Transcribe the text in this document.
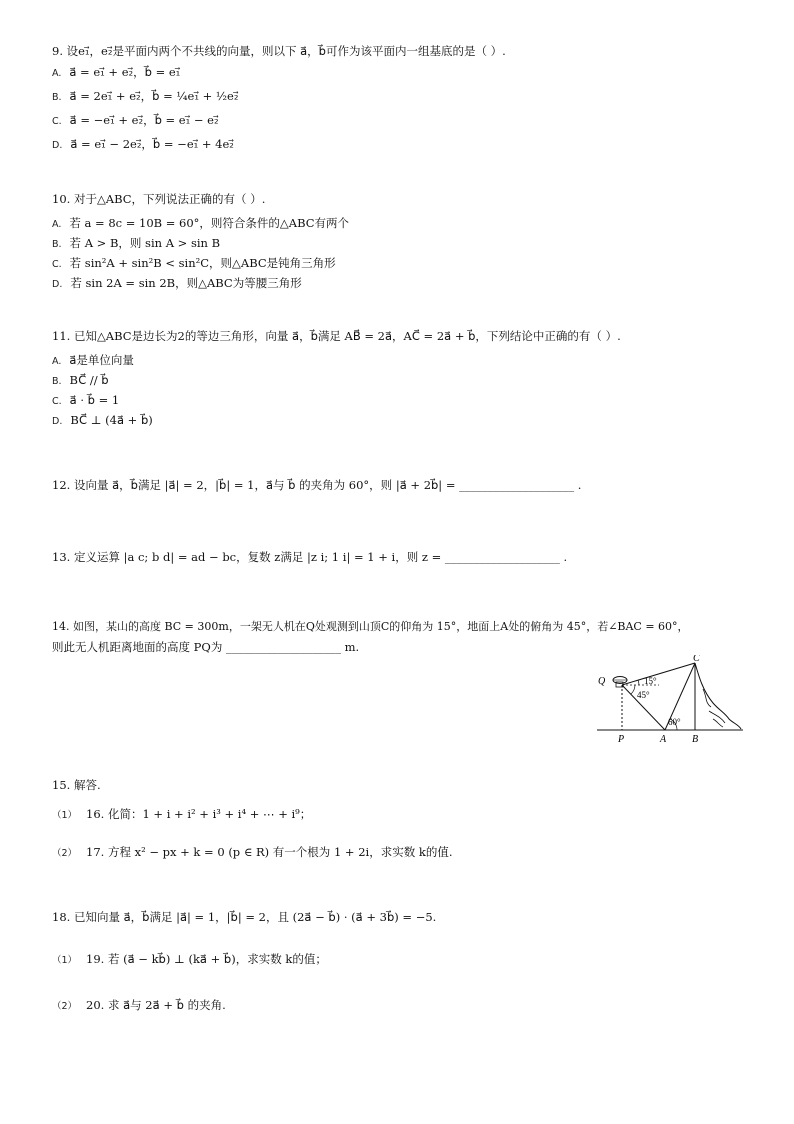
9. 设e₁⃗，e₂⃗是平面内两个不共线的向量，则以下 a⃗，b⃗可作为该平面内一组基底的是（ ）.
A. a⃗ = e₁⃗ + e₂⃗，b⃗ = e₁⃗
B. a⃗ = 2e₁⃗ + e₂⃗，b⃗ = ¼e₁⃗ + ½e₂⃗
C. a⃗ = −e₁⃗ + e₂⃗，b⃗ = e₁⃗ − e₂⃗
D. a⃗ = e₁⃗ − 2e₂⃗，b⃗ = −e₁⃗ + 4e₂⃗
10. 对于△ABC，下列说法正确的有（ ）.
A. 若 a = 8c = 10B = 60°，则符合条件的△ABC有两个
B. 若 A > B，则 sin A > sin B
C. 若 sin²A + sin²B < sin²C，则△ABC是钝角三角形
D. 若 sin 2A = sin 2B，则△ABC为等腰三角形
11. 已知△ABC是边长为2的等边三角形，向量 a⃗，b⃗满足 AB⃗ = 2a⃗，AC⃗ = 2a⃗ + b⃗，下列结论中正确的有（ ）.
A. a⃗是单位向量
B. BC⃗ // b⃗
C. a⃗ · b⃗ = 1
D. BC⃗ ⊥ (4a⃗ + b⃗)
12. 设向量 a⃗，b⃗满足 |a⃗| = 2，|b⃗| = 1，a⃗与 b⃗ 的夹角为 60°，则 |a⃗ + 2b⃗| = ____________________ .
13. 定义运算 |a c; b d| = ad − bc，复数 z满足 |z i; 1 i| = 1 + i，则 z = ____________________ .
14. 如图，某山的高度 BC = 300m，一架无人机在Q处观测到山顶C的仰角为 15°，地面上A处的俯角为 45°，若∠BAC = 60°，
则此无人机距离地面的高度 PQ为 ____________________ m.
Q
C
P	A	B
15°
45°
60°
15. 解答.
（1） 16. 化简：1 + i + i² + i³ + i⁴ + ⋯ + i⁹；
（2） 17. 方程 x² − px + k = 0 (p ∈ R) 有一个根为 1 + 2i，求实数 k的值.
18. 已知向量 a⃗，b⃗满足 |a⃗| = 1，|b⃗| = 2，且 (2a⃗ − b⃗) · (a⃗ + 3b⃗) = −5.
（1） 19. 若 (a⃗ − kb⃗) ⊥ (ka⃗ + b⃗)，求实数 k的值；
（2） 20. 求 a⃗与 2a⃗ + b⃗ 的夹角.
